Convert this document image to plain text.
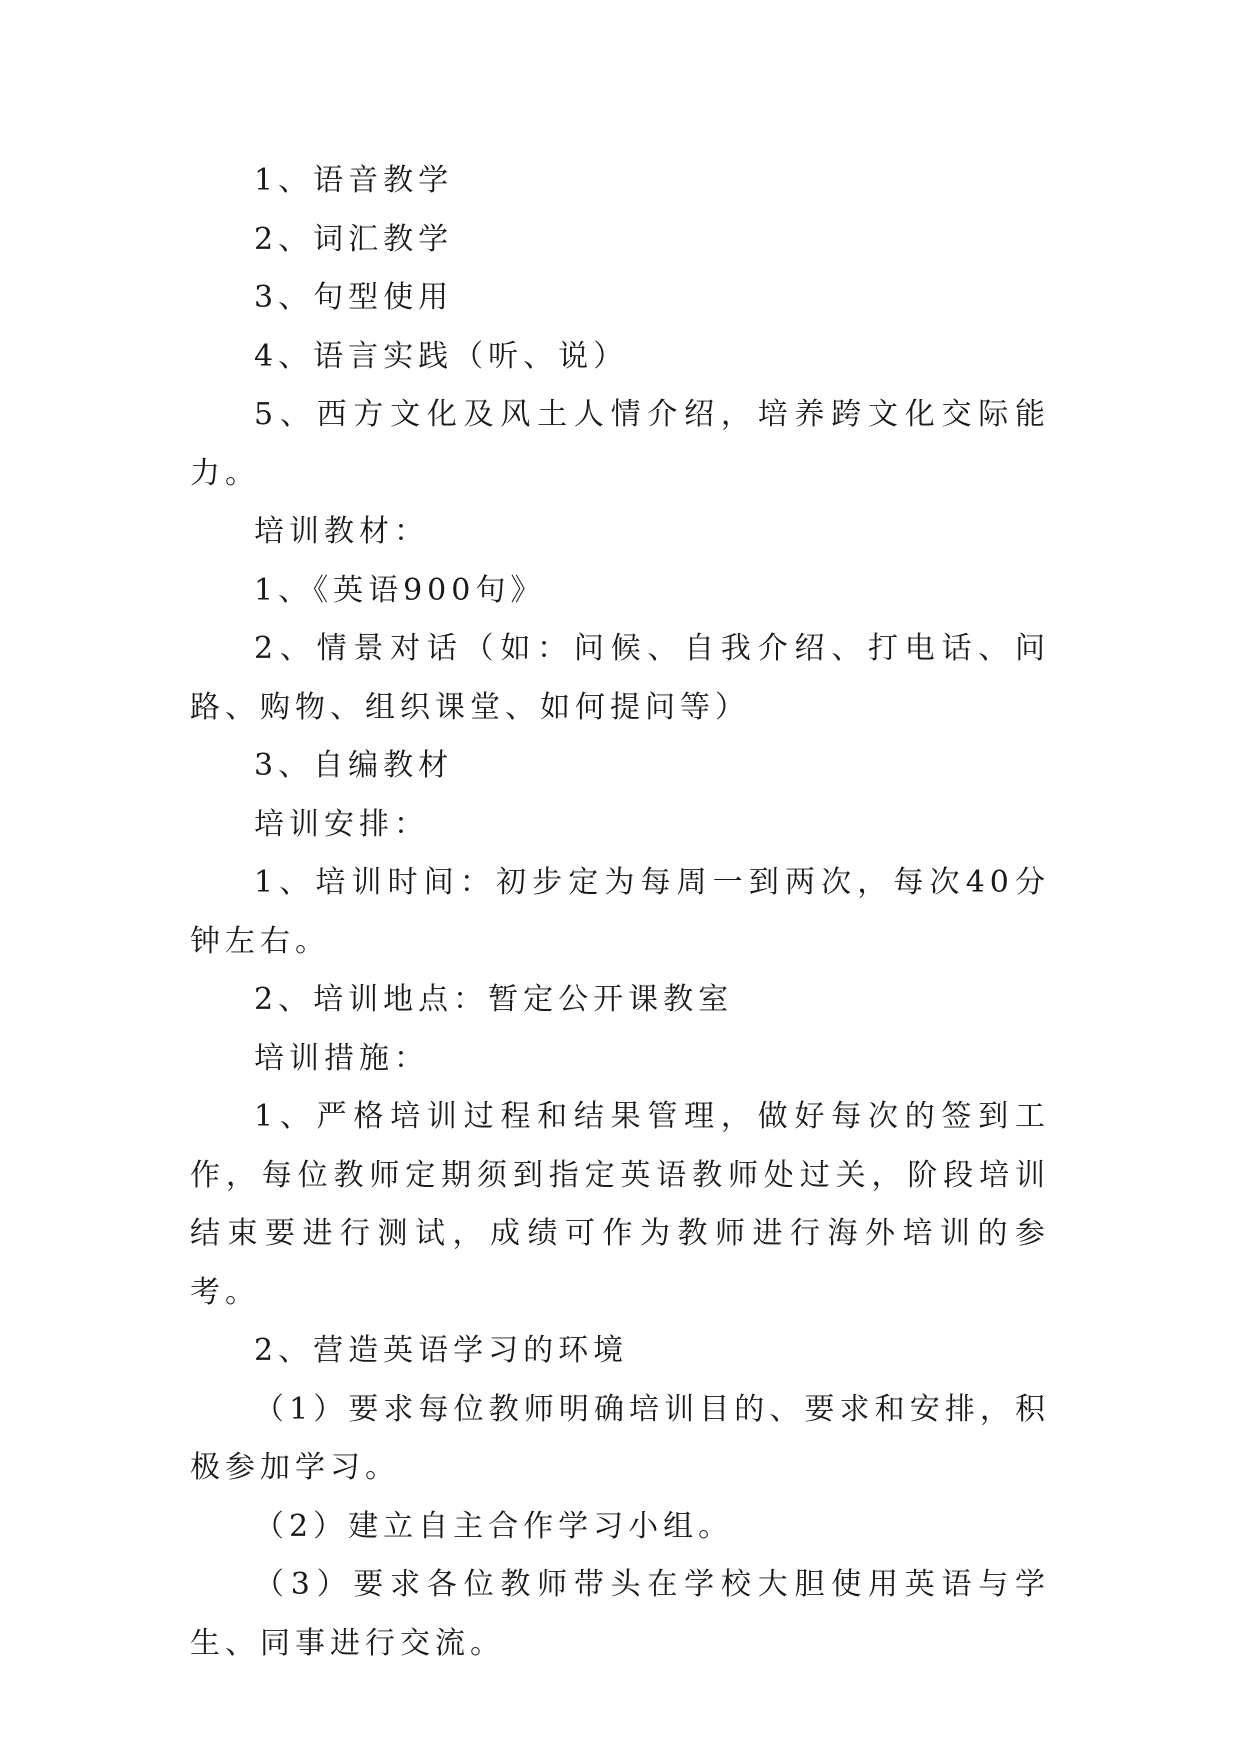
1、语音教学

2、词汇教学

3、句型使用

4、语言实践（听、说）

5、西方文化及风土人情介绍，培养跨文化交际能力。

培训教材：

1、《英语900句》

2、情景对话（如：问候、自我介绍、打电话、问路、购物、组织课堂、如何提问等）

3、自编教材

培训安排：

1、培训时间：初步定为每周一到两次，每次40分钟左右。

2、培训地点：暂定公开课教室

培训措施：

1、严格培训过程和结果管理，做好每次的签到工作，每位教师定期须到指定英语教师处过关，阶段培训结束要进行测试，成绩可作为教师进行海外培训的参考。

2、营造英语学习的环境

（1）要求每位教师明确培训目的、要求和安排，积极参加学习。

（2）建立自主合作学习小组。

（3）要求各位教师带头在学校大胆使用英语与学生、同事进行交流。
